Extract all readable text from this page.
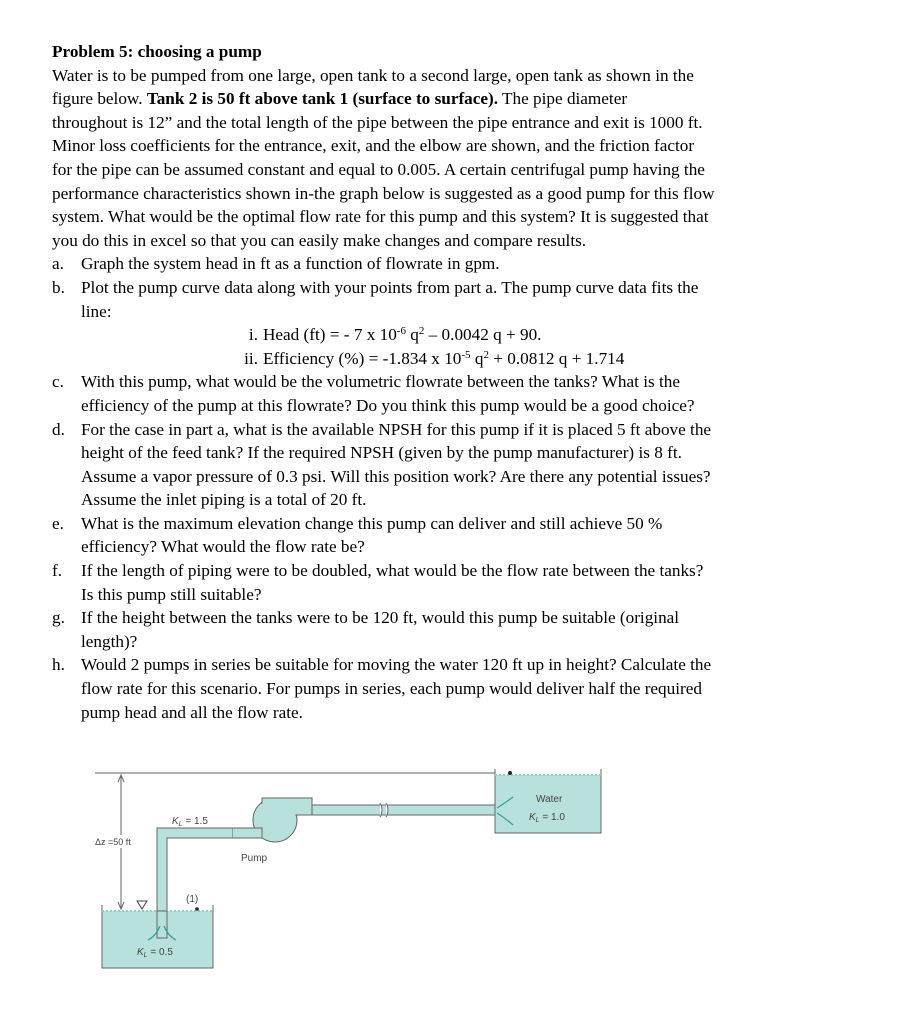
Problem 5: choosing a pump
Water is to be pumped from one large, open tank to a second large, open tank as shown in the
figure below. Tank 2 is 50 ft above tank 1 (surface to surface). The pipe diameter
throughout is 12” and the total length of the pipe between the pipe entrance and exit is 1000 ft.
Minor loss coefficients for the entrance, exit, and the elbow are shown, and the friction factor
for the pipe can be assumed constant and equal to 0.005. A certain centrifugal pump having the
performance characteristics shown in-the graph below is suggested as a good pump for this flow
system. What would be the optimal flow rate for this pump and this system? It is suggested that
you do this in excel so that you can easily make changes and compare results.
a. Graph the system head in ft as a function of flowrate in gpm.
b. Plot the pump curve data along with your points from part a. The pump curve data fits the
line:
i. Head (ft) = - 7 x $10^{-6}$ $q^2 - 0.0042$ q + 90.
ii. Efficiency (%) = -1.834 x $10^{-5}$ $q^2 + 0.0812$ q + 1.714
c. With this pump, what would be the volumetric flowrate between the tanks? What is the
efficiency of the pump at this flowrate? Do you think this pump would be a good choice?
d. For the case in part a, what is the available NPSH for this pump if it is placed 5 ft above the
height of the feed tank? If the required NPSH (given by the pump manufacturer) is 8 ft.
Assume a vapor pressure of 0.3 psi. Will this position work? Are there any potential issues?
Assume the inlet piping is a total of 20 ft.
e. What is the maximum elevation change this pump can deliver and still achieve 50 %
efficiency? What would the flow rate be?
f. If the length of piping were to be doubled, what would be the flow rate between the tanks?
Is this pump still suitable?
g. If the height between the tanks were to be 120 ft, would this pump be suitable (original
length)?
h. Would 2 pumps in series be suitable for moving the water 120 ft up in height? Calculate the
flow rate for this scenario. For pumps in series, each pump would deliver half the required
pump head and all the flow rate.
Water
$K_L = 1.0$
Pump
$K_L = 1.5$
(1)
$K_L = 0.5$
Δz =50 ft
